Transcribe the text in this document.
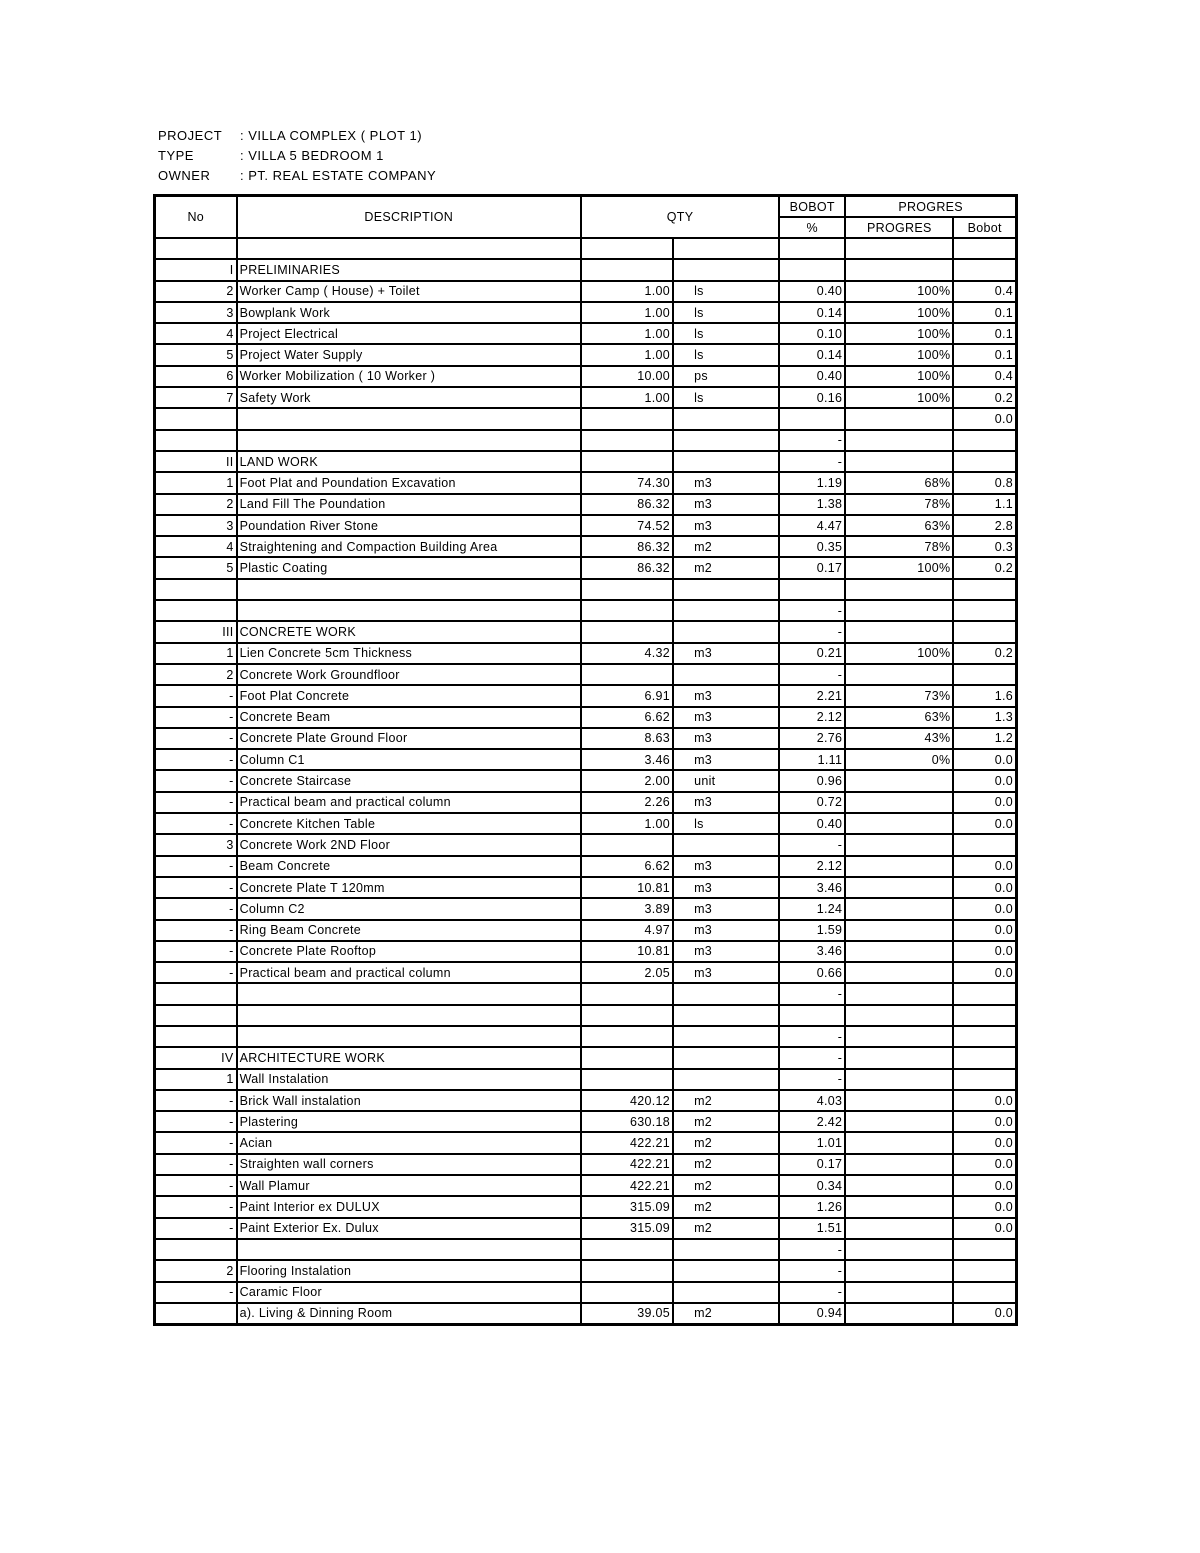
PROJECT	: VILLA COMPLEX ( PLOT 1)
TYPE	: VILLA 5 BEDROOM 1
OWNER	: PT. REAL ESTATE COMPANY
No	DESCRIPTION	QTY		BOBOT	PROGRES	
				%	PROGRES	Bobot

I	PRELIMINARIES					
2	Worker Camp ( House) + Toilet	1.00	ls	0.40	100%	0.4
3	Bowplank Work	1.00	ls	0.14	100%	0.1
4	Project Electrical	1.00	ls	0.10	100%	0.1
5	Project Water Supply	1.00	ls	0.14	100%	0.1
6	Worker Mobilization ( 10 Worker )	10.00	ps	0.40	100%	0.4
7	Safety Work	1.00	ls	0.16	100%	0.2
						0.0
				-		
II	LAND WORK			-		
1	Foot Plat and Poundation Excavation	74.30	m3	1.19	68%	0.8
2	Land Fill The Poundation	86.32	m3	1.38	78%	1.1
3	Poundation River Stone	74.52	m3	4.47	63%	2.8
4	Straightening and Compaction Building Area	86.32	m2	0.35	78%	0.3
5	Plastic Coating	86.32	m2	0.17	100%	0.2

				-		
III	CONCRETE WORK			-		
1	Lien Concrete 5cm Thickness	4.32	m3	0.21	100%	0.2
2	Concrete Work Groundfloor			-		
-	Foot Plat Concrete	6.91	m3	2.21	73%	1.6
-	Concrete Beam	6.62	m3	2.12	63%	1.3
-	Concrete Plate Ground Floor	8.63	m3	2.76	43%	1.2
-	Column C1	3.46	m3	1.11	0%	0.0
-	Concrete Staircase	2.00	unit	0.96		0.0
-	Practical beam and practical column	2.26	m3	0.72		0.0
-	Concrete Kitchen Table	1.00	ls	0.40		0.0
3	Concrete Work 2ND Floor			-		
-	Beam Concrete	6.62	m3	2.12		0.0
-	Concrete Plate T 120mm	10.81	m3	3.46		0.0
-	Column C2	3.89	m3	1.24		0.0
-	Ring Beam Concrete	4.97	m3	1.59		0.0
-	Concrete Plate Rooftop	10.81	m3	3.46		0.0
-	Practical beam and practical column	2.05	m3	0.66		0.0
				-		

				-		
IV	ARCHITECTURE WORK			-		
1	Wall Instalation			-		
-	Brick Wall instalation	420.12	m2	4.03		0.0
-	Plastering	630.18	m2	2.42		0.0
-	Acian	422.21	m2	1.01		0.0
-	Straighten wall corners	422.21	m2	0.17		0.0
-	Wall Plamur	422.21	m2	0.34		0.0
-	Paint Interior ex DULUX	315.09	m2	1.26		0.0
-	Paint Exterior Ex. Dulux	315.09	m2	1.51		0.0
				-		
2	Flooring Instalation			-		
-	Caramic Floor			-		
	a). Living & Dinning Room	39.05	m2	0.94		0.0
